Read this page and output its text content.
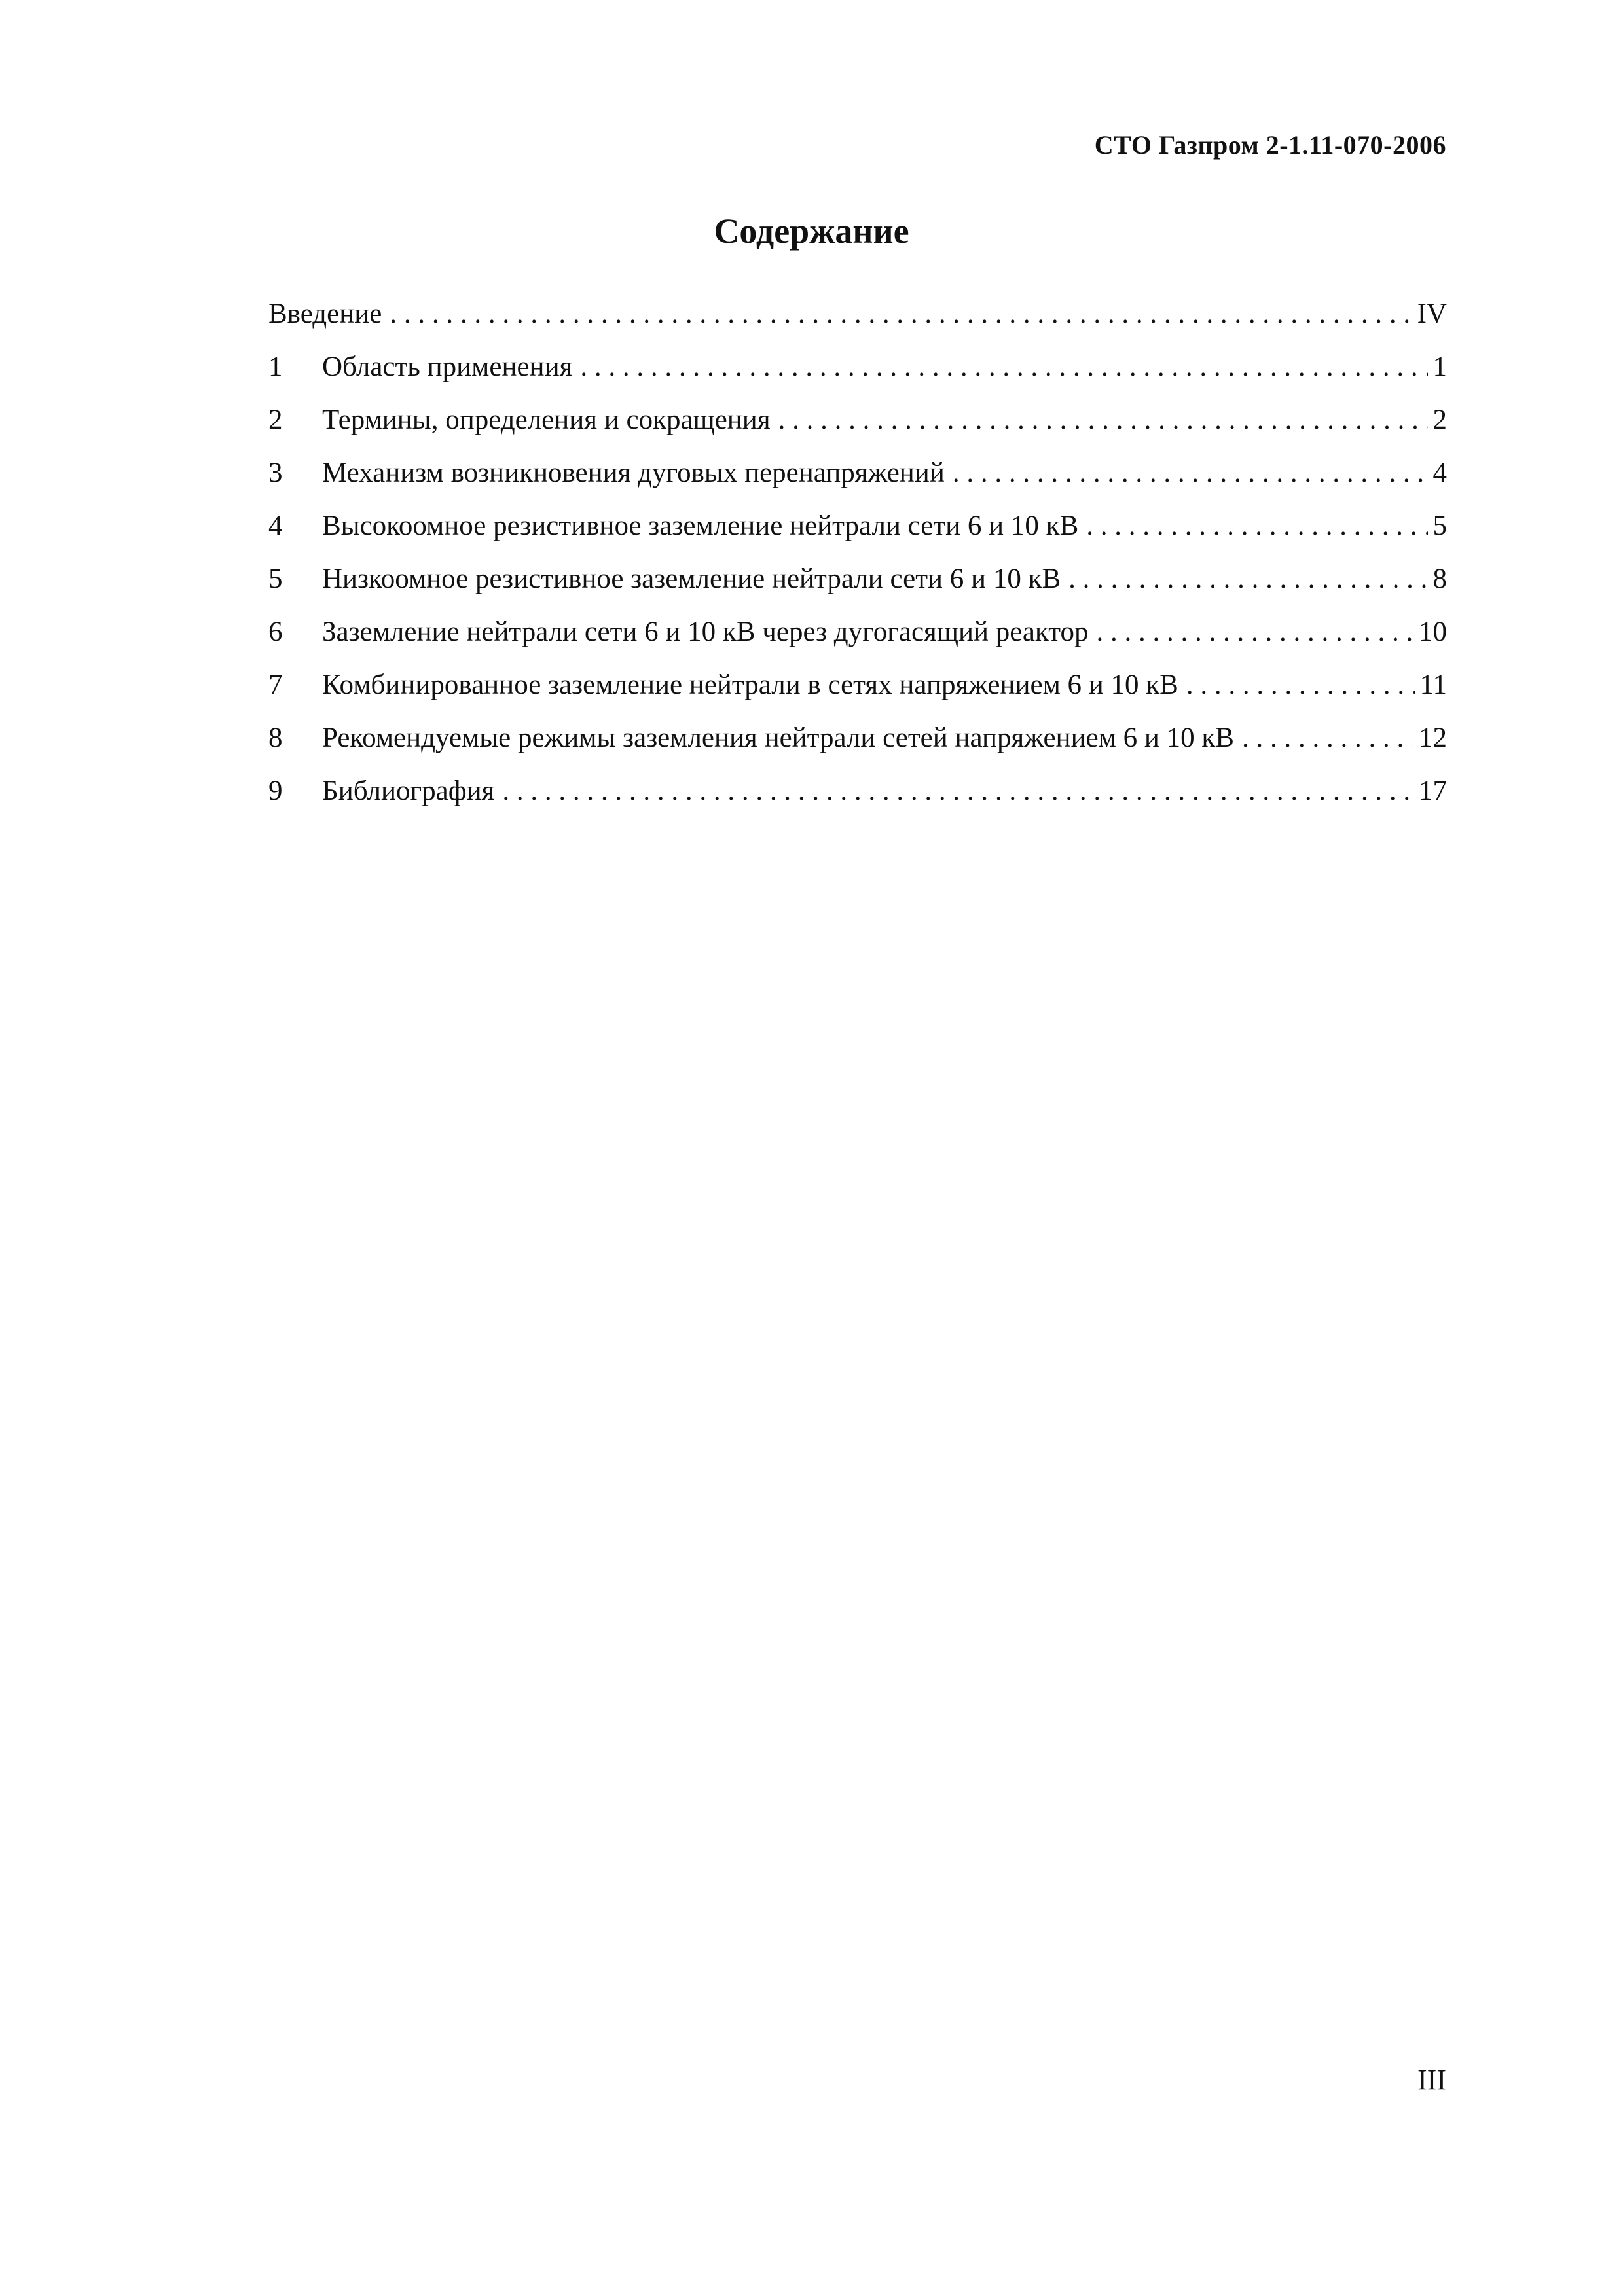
СТО Газпром 2-1.11-070-2006
Содержание
Введение . . .	IV
1	Область применения . . .	1
2	Термины, определения и сокращения . . .	2
3	Механизм возникновения дуговых перенапряжений . . .	4
4	Высокоомное резистивное заземление нейтрали сети 6 и 10 кВ . . .	5
5	Низкоомное резистивное заземление нейтрали сети 6 и 10 кВ . . .	8
6	Заземление нейтрали сети 6 и 10 кВ через дугогасящий реактор . . .	10
7	Комбинированное заземление нейтрали в сетях напряжением 6 и 10 кВ . . .	11
8	Рекомендуемые режимы заземления нейтрали сетей напряжением 6 и 10 кВ . . .	12
9	Библиография . . .	17
III
